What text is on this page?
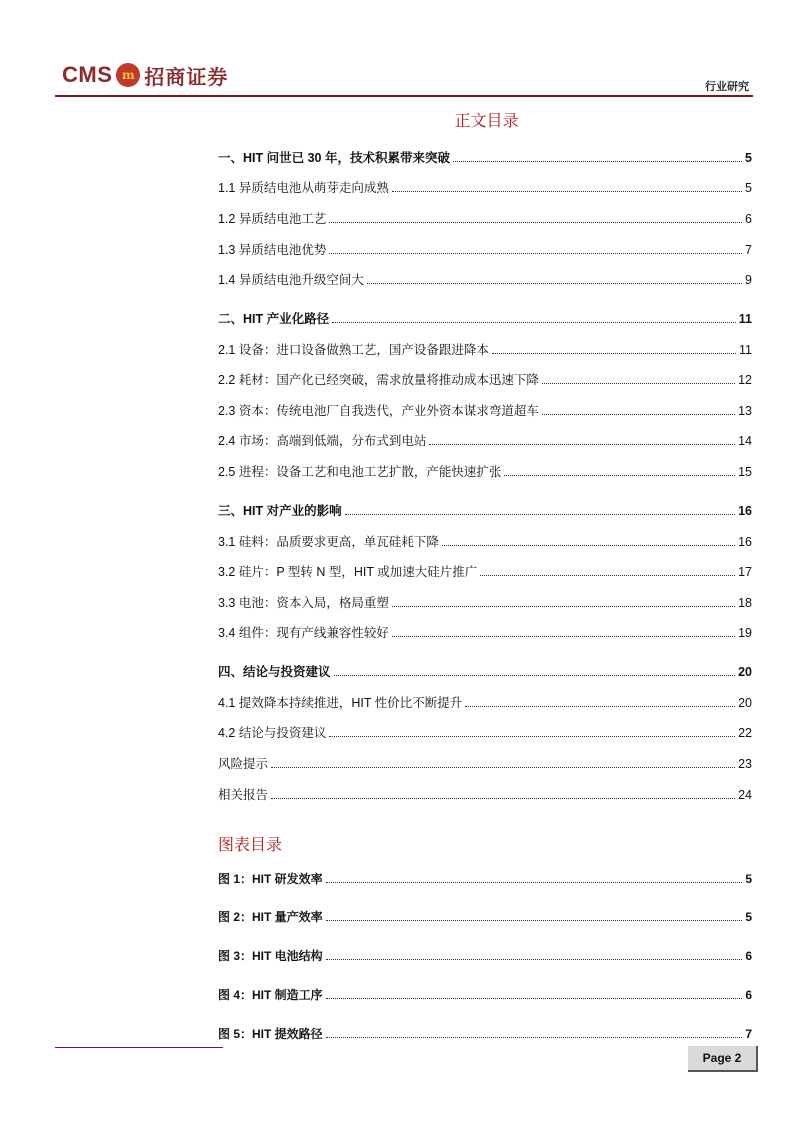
CMS m 招商证券	行业研究
正文目录
一、HIT 问世已 30 年，技术积累带来突破	5
1.1 异质结电池从萌芽走向成熟	5
1.2 异质结电池工艺	6
1.3 异质结电池优势	7
1.4 异质结电池升级空间大	9
二、HIT 产业化路径	11
2.1 设备：进口设备做熟工艺，国产设备跟进降本	11
2.2 耗材：国产化已经突破，需求放量将推动成本迅速下降	12
2.3 资本：传统电池厂自我迭代，产业外资本谋求弯道超车	13
2.4 市场：高端到低端，分布式到电站	14
2.5 进程：设备工艺和电池工艺扩散，产能快速扩张	15
三、HIT 对产业的影响	16
3.1 硅料：品质要求更高，单瓦硅耗下降	16
3.2 硅片：P 型转 N 型，HIT 或加速大硅片推广	17
3.3 电池：资本入局，格局重塑	18
3.4 组件：现有产线兼容性较好	19
四、结论与投资建议	20
4.1 提效降本持续推进，HIT 性价比不断提升	20
4.2 结论与投资建议	22
风险提示	23
相关报告	24
图 1：HIT 研发效率	5
图 2：HIT 量产效率	5
图 3：HIT 电池结构	6
图 4：HIT 制造工序	6
图 5：HIT 提效路径	7
图表目录
Page 2
